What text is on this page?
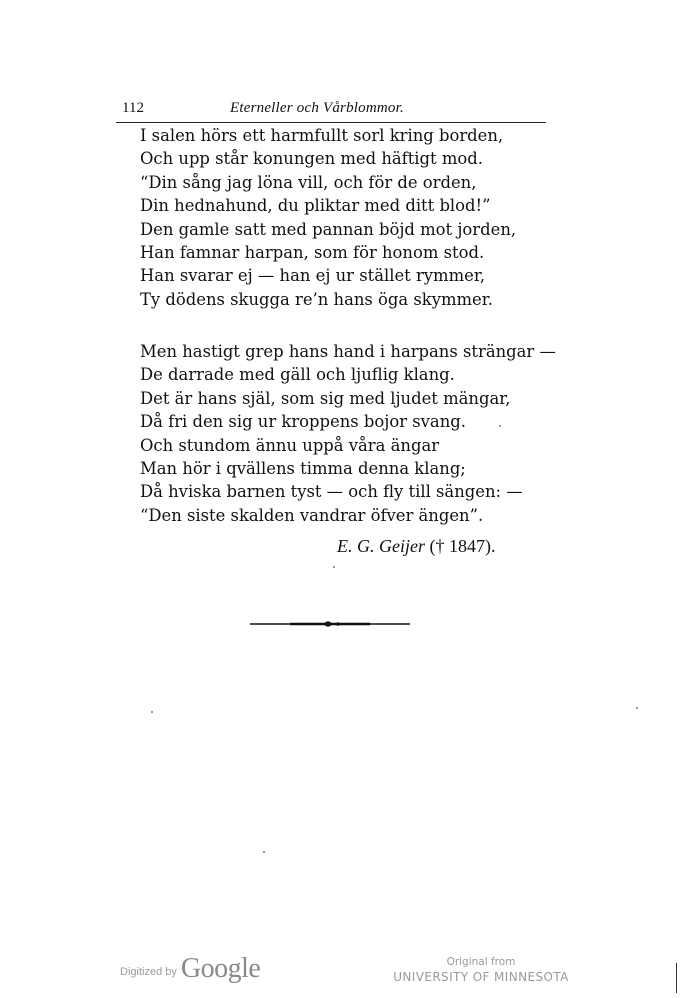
112	Eterneller och Vårblommor.
I salen hörs ett harmfullt sorl kring borden,
Och upp står konungen med häftigt mod.
“Din sång jag löna vill, och för de orden,
Din hednahund, du pliktar med ditt blod!”
Den gamle satt med pannan böjd mot jorden,
Han famnar harpan, som för honom stod.
Han svarar ej — han ej ur stället rymmer,
Ty dödens skugga re’n hans öga skymmer.
Men hastigt grep hans hand i harpans strängar —
De darrade med gäll och ljuflig klang.
Det är hans själ, som sig med ljudet mängar,
Då fri den sig ur kroppens bojor svang.
Och stundom ännu uppå våra ängar
Man hör i qvällens timma denna klang;
Då hviska barnen tyst — och fly till sängen: —
“Den siste skalden vandrar öfver ängen”.
E. G. Geijer († 1847).
Digitized by Google	Original from
UNIVERSITY OF MINNESOTA
